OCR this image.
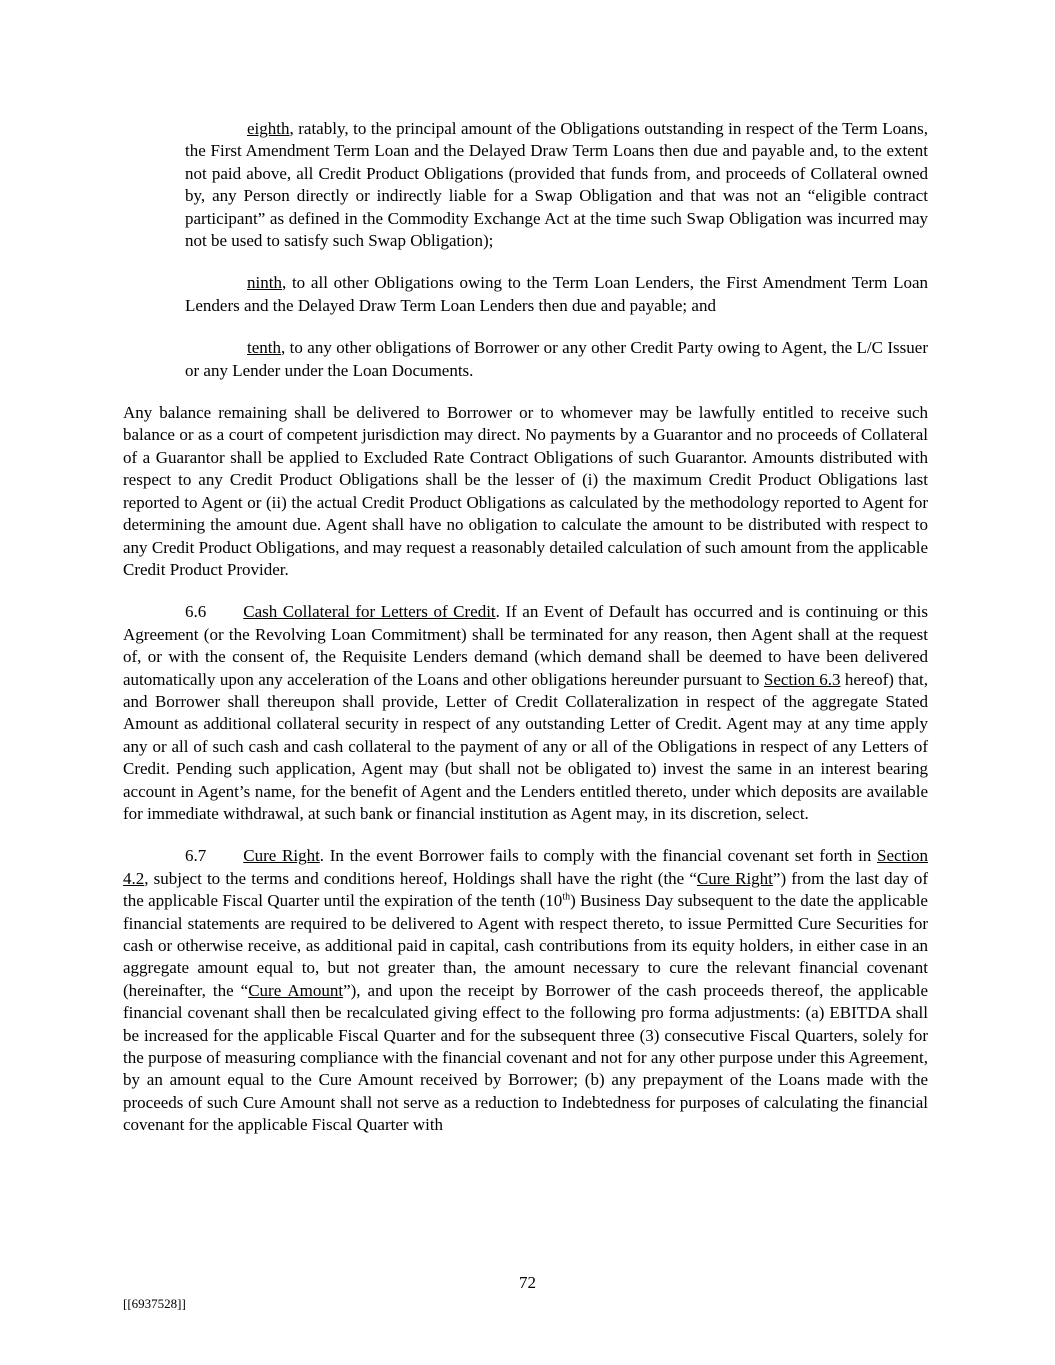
eighth, ratably, to the principal amount of the Obligations outstanding in respect of the Term Loans, the First Amendment Term Loan and the Delayed Draw Term Loans then due and payable and, to the extent not paid above, all Credit Product Obligations (provided that funds from, and proceeds of Collateral owned by, any Person directly or indirectly liable for a Swap Obligation and that was not an “eligible contract participant” as defined in the Commodity Exchange Act at the time such Swap Obligation was incurred may not be used to satisfy such Swap Obligation);

ninth, to all other Obligations owing to the Term Loan Lenders, the First Amendment Term Loan Lenders and the Delayed Draw Term Loan Lenders then due and payable; and

tenth, to any other obligations of Borrower or any other Credit Party owing to Agent, the L/C Issuer or any Lender under the Loan Documents.

Any balance remaining shall be delivered to Borrower or to whomever may be lawfully entitled to receive such balance or as a court of competent jurisdiction may direct. No payments by a Guarantor and no proceeds of Collateral of a Guarantor shall be applied to Excluded Rate Contract Obligations of such Guarantor. Amounts distributed with respect to any Credit Product Obligations shall be the lesser of (i) the maximum Credit Product Obligations last reported to Agent or (ii) the actual Credit Product Obligations as calculated by the methodology reported to Agent for determining the amount due. Agent shall have no obligation to calculate the amount to be distributed with respect to any Credit Product Obligations, and may request a reasonably detailed calculation of such amount from the applicable Credit Product Provider.

6.6 Cash Collateral for Letters of Credit. If an Event of Default has occurred and is continuing or this Agreement (or the Revolving Loan Commitment) shall be terminated for any reason, then Agent shall at the request of, or with the consent of, the Requisite Lenders demand (which demand shall be deemed to have been delivered automatically upon any acceleration of the Loans and other obligations hereunder pursuant to Section 6.3 hereof) that, and Borrower shall thereupon shall provide, Letter of Credit Collateralization in respect of the aggregate Stated Amount as additional collateral security in respect of any outstanding Letter of Credit. Agent may at any time apply any or all of such cash and cash collateral to the payment of any or all of the Obligations in respect of any Letters of Credit. Pending such application, Agent may (but shall not be obligated to) invest the same in an interest bearing account in Agent’s name, for the benefit of Agent and the Lenders entitled thereto, under which deposits are available for immediate withdrawal, at such bank or financial institution as Agent may, in its discretion, select.

6.7 Cure Right. In the event Borrower fails to comply with the financial covenant set forth in Section 4.2, subject to the terms and conditions hereof, Holdings shall have the right (the “Cure Right”) from the last day of the applicable Fiscal Quarter until the expiration of the tenth (10th) Business Day subsequent to the date the applicable financial statements are required to be delivered to Agent with respect thereto, to issue Permitted Cure Securities for cash or otherwise receive, as additional paid in capital, cash contributions from its equity holders, in either case in an aggregate amount equal to, but not greater than, the amount necessary to cure the relevant financial covenant (hereinafter, the “Cure Amount”), and upon the receipt by Borrower of the cash proceeds thereof, the applicable financial covenant shall then be recalculated giving effect to the following pro forma adjustments: (a) EBITDA shall be increased for the applicable Fiscal Quarter and for the subsequent three (3) consecutive Fiscal Quarters, solely for the purpose of measuring compliance with the financial covenant and not for any other purpose under this Agreement, by an amount equal to the Cure Amount received by Borrower; (b) any prepayment of the Loans made with the proceeds of such Cure Amount shall not serve as a reduction to Indebtedness for purposes of calculating the financial covenant for the applicable Fiscal Quarter with

72
[[6937528]]
